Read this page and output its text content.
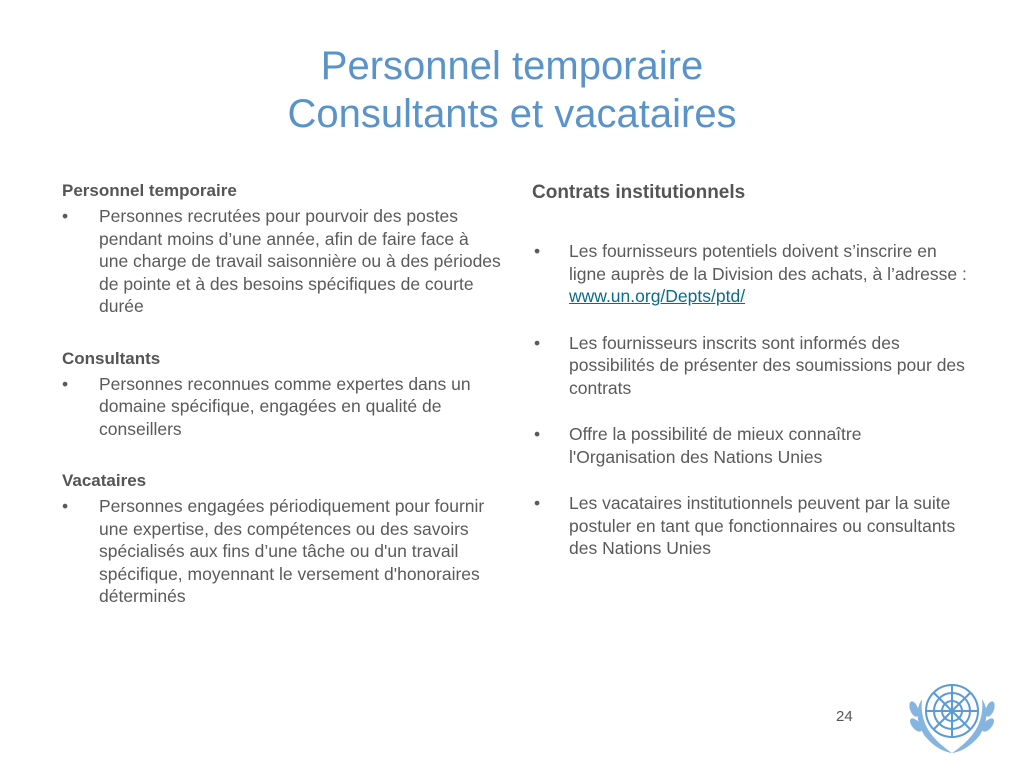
Personnel temporaire
Consultants et vacataires
Personnel temporaire
• Personnes recrutées pour pourvoir des postes pendant moins d’une année, afin de faire face à une charge de travail saisonnière ou à des périodes de pointe et à des besoins spécifiques de courte durée
Consultants
• Personnes reconnues comme expertes dans un domaine spécifique, engagées en qualité de conseillers
Vacataires
• Personnes engagées périodiquement pour fournir une expertise, des compétences ou des savoirs spécialisés aux fins d’une tâche ou d'un travail spécifique, moyennant le versement d'honoraires déterminés
Contrats institutionnels
• Les fournisseurs potentiels doivent s’inscrire en ligne auprès de la Division des achats, à l’adresse :
www.un.org/Depts/ptd/
• Les fournisseurs inscrits sont informés des possibilités de présenter des soumissions pour des contrats
• Offre la possibilité de mieux connaître l'Organisation des Nations Unies
• Les vacataires institutionnels peuvent par la suite postuler en tant que fonctionnaires ou consultants des Nations Unies
24
